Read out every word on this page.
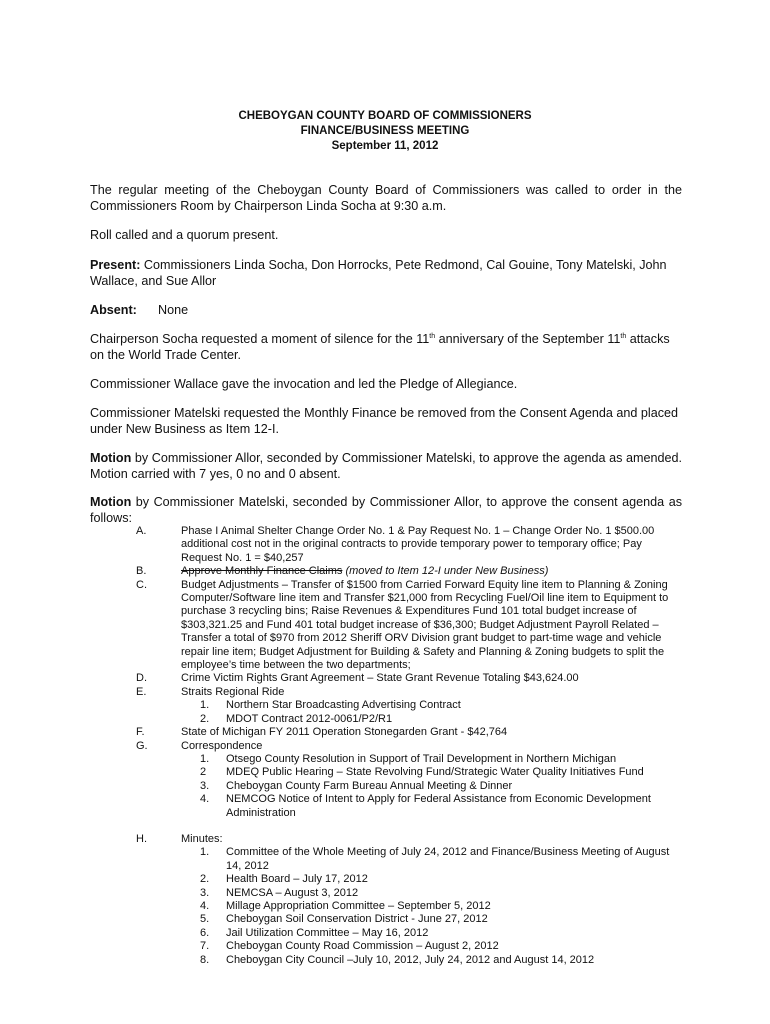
CHEBOYGAN COUNTY BOARD OF COMMISSIONERS
FINANCE/BUSINESS MEETING
September 11, 2012
The regular meeting of the Cheboygan County Board of Commissioners was called to order in the Commissioners Room by Chairperson Linda Socha at 9:30 a.m.
Roll called and a quorum present.
Present: Commissioners Linda Socha, Don Horrocks, Pete Redmond, Cal Gouine, Tony Matelski, John Wallace, and Sue Allor
Absent: None
Chairperson Socha requested a moment of silence for the 11th anniversary of the September 11th attacks on the World Trade Center.
Commissioner Wallace gave the invocation and led the Pledge of Allegiance.
Commissioner Matelski requested the Monthly Finance be removed from the Consent Agenda and placed under New Business as Item 12-I.
Motion by Commissioner Allor, seconded by Commissioner Matelski, to approve the agenda as amended. Motion carried with 7 yes, 0 no and 0 absent.
Motion by Commissioner Matelski, seconded by Commissioner Allor, to approve the consent agenda as follows:
A.	Phase I Animal Shelter Change Order No. 1 & Pay Request No. 1 – Change Order No. 1 $500.00 additional cost not in the original contracts to provide temporary power to temporary office; Pay Request No. 1 = $40,257
B.	Approve Monthly Finance Claims (moved to Item 12-I under New Business)
C.	Budget Adjustments – Transfer of $1500 from Carried Forward Equity line item to Planning & Zoning Computer/Software line item and Transfer $21,000 from Recycling Fuel/Oil line item to Equipment to purchase 3 recycling bins; Raise Revenues & Expenditures Fund 101 total budget increase of $303,321.25 and Fund 401 total budget increase of $36,300; Budget Adjustment Payroll Related – Transfer a total of $970 from 2012 Sheriff ORV Division grant budget to part-time wage and vehicle repair line item; Budget Adjustment for Building & Safety and Planning & Zoning budgets to split the employee’s time between the two departments;
D.	Crime Victim Rights Grant Agreement – State Grant Revenue Totaling $43,624.00
E.	Straits Regional Ride
1.	Northern Star Broadcasting Advertising Contract
2.	MDOT Contract 2012-0061/P2/R1
F.	State of Michigan FY 2011 Operation Stonegarden Grant - $42,764
G.	Correspondence
1.	Otsego County Resolution in Support of Trail Development in Northern Michigan
2	MDEQ Public Hearing – State Revolving Fund/Strategic Water Quality Initiatives Fund
3.	Cheboygan County Farm Bureau Annual Meeting & Dinner
4.	NEMCOG Notice of Intent to Apply for Federal Assistance from Economic Development Administration
H.	Minutes:
1.	Committee of the Whole Meeting of July 24, 2012 and Finance/Business Meeting of August 14, 2012
2.	Health Board – July 17, 2012
3.	NEMCSA – August 3, 2012
4.	Millage Appropriation Committee – September 5, 2012
5.	Cheboygan Soil Conservation District - June 27, 2012
6.	Jail Utilization Committee – May 16, 2012
7.	Cheboygan County Road Commission – August 2, 2012
8.	Cheboygan City Council –July 10, 2012, July 24, 2012 and August 14, 2012
